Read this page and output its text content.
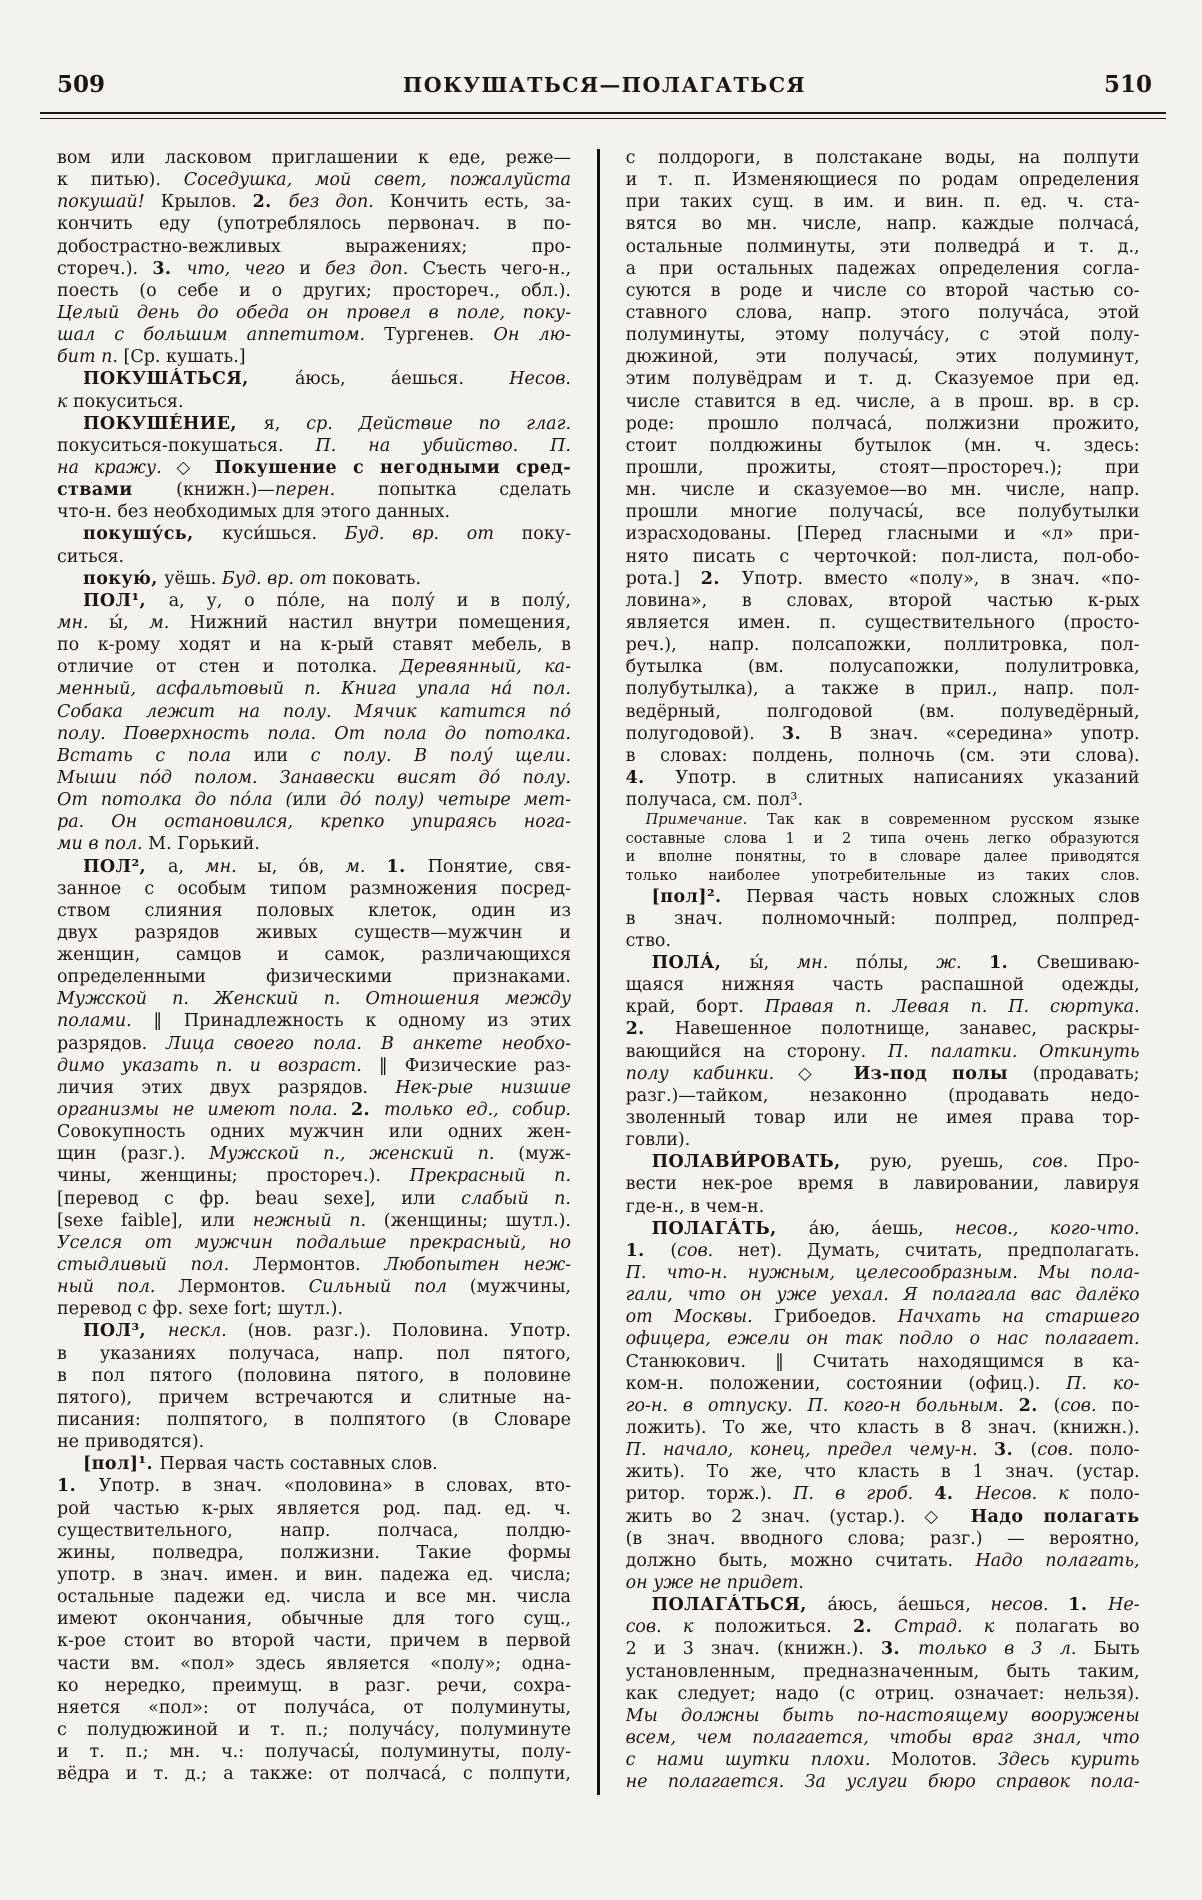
509	ПОКУШАТЬСЯ—ПОЛАГАТЬСЯ	510
вом или ласковом приглашении к еде, реже—
к питью). Соседушка, мой свет, пожалуйста
покушай! Крылов. 2. без доп. Кончить есть, за-
кончить еду (употреблялось первонач. в по-
добострастно-вежливых выражениях; про-
стореч.). 3. что, чего и без доп. Съесть чего-н.,
поесть (о себе и о других; простореч., обл.).
Целый день до обеда он провел в поле, поку-
шал с большим аппетитом. Тургенев. Он лю-
бит п. [Ср. кушать.]
ПОКУША́ТЬСЯ, а́юсь, а́ешься. Несов.
к покуситься.
ПОКУШЕ́НИЕ, я, ср. Действие по глаг.
покуситься-покушаться. П. на убийство. П.
на кражу. ◇ Покушение с негодными сред-
ствами (книжн.)—перен. попытка сделать
что-н. без необходимых для этого данных.
покушу́сь, куси́шься. Буд. вр. от поку-
ситься.
покую́, уёшь. Буд. вр. от поковать.
ПОЛ¹, а, у, о по́ле, на полу́ и в полу́,
мн. ы́, м. Нижний настил внутри помещения,
по к-рому ходят и на к-рый ставят мебель, в
отличие от стен и потолка. Деревянный, ка-
менный, асфальтовый п. Книга упала на́ пол.
Собака лежит на полу. Мячик катится по́
полу. Поверхность пола. От пола до потолка.
Встать с пола или с полу. В полу́ щели.
Мыши по́д полом. Занавески висят до́ полу.
От потолка до по́ла (или до́ полу) четыре мет-
ра. Он остановился, крепко упираясь нога-
ми в пол. М. Горький.
ПОЛ², а, мн. ы, о́в, м. 1. Понятие, свя-
занное с особым типом размножения посред-
ством слияния половых клеток, один из
двух разрядов живых существ—мужчин и
женщин, самцов и самок, различающихся
определенными физическими признаками.
Мужской п. Женский п. Отношения между
полами. ‖ Принадлежность к одному из этих
разрядов. Лица своего пола. В анкете необхо-
димо указать п. и возраст. ‖ Физические раз-
личия этих двух разрядов. Нек-рые низшие
организмы не имеют пола. 2. только ед., собир.
Совокупность одних мужчин или одних жен-
щин (разг.). Мужской п., женский п. (муж-
чины, женщины; простореч.). Прекрасный п.
[перевод с фр. beau sexe], или слабый п.
[sexe faible], или нежный п. (женщины; шутл.).
Уселся от мужчин подальше прекрасный, но
стыдливый пол. Лермонтов. Любопытен неж-
ный пол. Лермонтов. Сильный пол (мужчины,
перевод с фр. sexe fort; шутл.).
ПОЛ³, нескл. (нов. разг.). Половина. Употр.
в указаниях получаса, напр. пол пятого,
в пол пятого (половина пятого, в половине
пятого), причем встречаются и слитные на-
писания: полпятого, в полпятого (в Словаре
не приводятся).
[пол]¹. Первая часть составных слов.
1. Употр. в знач. «половина» в словах, вто-
рой частью к-рых является род. пад. ед. ч.
существительного, напр. полчаса, полдю-
жины, полведра, полжизни. Такие формы
употр. в знач. имен. и вин. падежа ед. числа;
остальные падежи ед. числа и все мн. числа
имеют окончания, обычные для того сущ.,
к-рое стоит во второй части, причем в первой
части вм. «пол» здесь является «полу»; одна-
ко нередко, преимущ. в разг. речи, сохра-
няется «пол»: от получа́са, от полуминуты,
с полудюжиной и т. п.; получа́су, полуминуте
и т. п.; мн. ч.: получасы́, полуминуты, полу-
вёдра и т. д.; а также: от полчаса́, с полпути,
с полдороги, в полстакане воды, на полпути
и т. п. Изменяющиеся по родам определения
при таких сущ. в им. и вин. п. ед. ч. ста-
вятся во мн. числе, напр. каждые полчаса́,
остальные полминуты, эти полведра́ и т. д.,
а при остальных падежах определения согла-
суются в роде и числе со второй частью со-
ставного слова, напр. этого получа́са, этой
полуминуты, этому получа́су, с этой полу-
дюжиной, эти получасы́, этих полуминут,
этим полувёдрам и т. д. Сказуемое при ед.
числе ставится в ед. числе, а в прош. вр. в ср.
роде: прошло полчаса́, полжизни прожито,
стоит полдюжины бутылок (мн. ч. здесь:
прошли, прожиты, стоят—простореч.); при
мн. числе и сказуемое—во мн. числе, напр.
прошли многие получасы́, все полубутылки
израсходованы. [Перед гласными и «л» при-
нято писать с черточкой: пол-листа, пол-обо-
рота.] 2. Употр. вместо «полу», в знач. «по-
ловина», в словах, второй частью к-рых
является имен. п. существительного (просто-
реч.), напр. полсапожки, поллитровка, пол-
бутылка (вм. полусапожки, полулитровка,
полубутылка), а также в прил., напр. пол-
ведёрный, полгодовой (вм. полуведёрный,
полугодовой). 3. В знач. «середина» употр.
в словах: полдень, полночь (см. эти слова).
4. Употр. в слитных написаниях указаний
получаса, см. пол³.
Примечание. Так как в современном русском языке
составные слова 1 и 2 типа очень легко образуются
и вполне понятны, то в словаре далее приводятся
только наиболее употребительные из таких слов.
[пол]². Первая часть новых сложных слов
в знач. полномочный: полпред, полпред-
ство.
ПОЛА́, ы́, мн. по́лы, ж. 1. Свешиваю-
щаяся нижняя часть распашной одежды,
край, борт. Правая п. Левая п. П. сюртука.
2. Навешенное полотнище, занавес, раскры-
вающийся на сторону. П. палатки. Откинуть
полу кабинки. ◇ Из-под полы (продавать;
разг.)—тайком, незаконно (продавать недо-
зволенный товар или не имея права тор-
говли).
ПОЛАВИ́РОВАТЬ, рую, руешь, сов. Про-
вести нек-рое время в лавировании, лавируя
где-н., в чем-н.
ПОЛАГА́ТЬ, а́ю, а́ешь, несов., кого-что.
1. (сов. нет). Думать, считать, предполагать.
П. что-н. нужным, целесообразным. Мы пола-
гали, что он уже уехал. Я полагала вас далёко
от Москвы. Грибоедов. Начхать на старшего
офицера, ежели он так подло о нас полагает.
Станюкович. ‖ Считать находящимся в ка-
ком-н. положении, состоянии (офиц.). П. ко-
го-н. в отпуску. П. кого-н больным. 2. (сов. по-
ложить). То же, что класть в 8 знач. (книжн.).
П. начало, конец, предел чему-н. 3. (сов. поло-
жить). То же, что класть в 1 знач. (устар.
ритор. торж.). П. в гроб. 4. Несов. к поло-
жить во 2 знач. (устар.). ◇ Надо полагать
(в знач. вводного слова; разг.) — вероятно,
должно быть, можно считать. Надо полагать,
он уже не придет.
ПОЛАГА́ТЬСЯ, а́юсь, а́ешься, несов. 1. Не-
сов. к положиться. 2. Страд. к полагать во
2 и 3 знач. (книжн.). 3. только в 3 л. Быть
установленным, предназначенным, быть таким,
как следует; надо (с отриц. означает: нельзя).
Мы должны быть по-настоящему вооружены
всем, чем полагается, чтобы враг знал, что
с нами шутки плохи. Молотов. Здесь курить
не полагается. За услуги бюро справок пола-
